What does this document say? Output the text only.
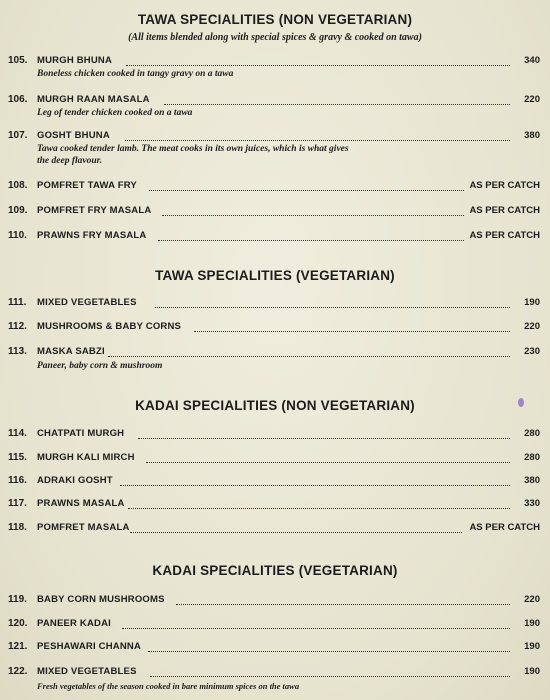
TAWA SPECIALITIES (NON VEGETARIAN)
(All items blended along with special spices & gravy & cooked on tawa)
105. MURGH BHUNA	340
Boneless chicken cooked in tangy gravy on a tawa
106. MURGH RAAN MASALA	220
Leg of tender chicken cooked on a tawa
107. GOSHT BHUNA	380
Tawa cooked tender lamb. The meat cooks in its own juices, which is what gives
the deep flavour.
108. POMFRET TAWA FRY	AS PER CATCH
109. POMFRET FRY MASALA	AS PER CATCH
110. PRAWNS FRY MASALA	AS PER CATCH
TAWA SPECIALITIES (VEGETARIAN)
111. MIXED VEGETABLES	190
112. MUSHROOMS & BABY CORNS	220
113. MASKA SABZI	230
Paneer, baby corn & mushroom
KADAI SPECIALITIES (NON VEGETARIAN)
114. CHATPATI MURGH	280
115. MURGH KALI MIRCH	280
116. ADRAKI GOSHT	380
117. PRAWNS MASALA	330
118. POMFRET MASALA	AS PER CATCH
KADAI SPECIALITIES (VEGETARIAN)
119. BABY CORN MUSHROOMS	220
120. PANEER KADAI	190
121. PESHAWARI CHANNA	190
122. MIXED VEGETABLES	190
Fresh vegetables of the season cooked in bare minimum spices on the tawa
